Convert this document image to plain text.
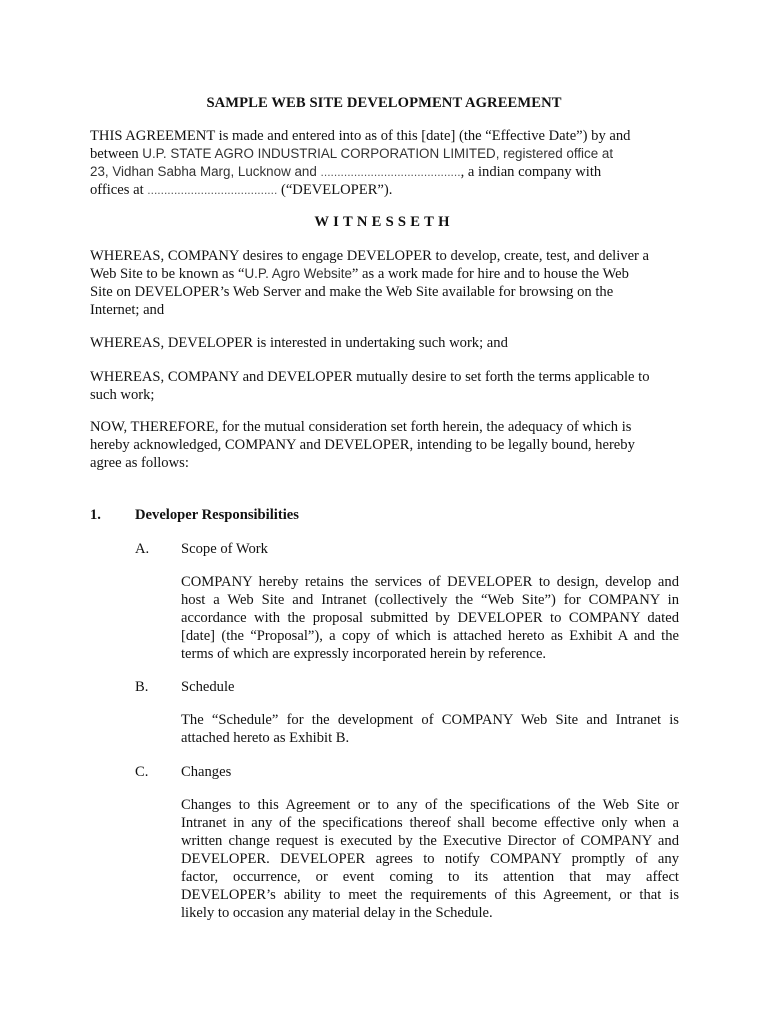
SAMPLE WEB SITE DEVELOPMENT AGREEMENT
THIS AGREEMENT is made and entered into as of this [date] (the “Effective Date”) by and
between U.P. STATE AGRO INDUSTRIAL CORPORATION LIMITED, registered office at
23, Vidhan Sabha Marg, Lucknow and .........................................., a indian company with
offices at ....................................... (“DEVELOPER”).
WITNESSETH
WHEREAS, COMPANY desires to engage DEVELOPER to develop, create, test, and deliver a
Web Site to be known as “U.P. Agro Website” as a work made for hire and to house the Web
Site on DEVELOPER’s Web Server and make the Web Site available for browsing on the
Internet; and
WHEREAS, DEVELOPER is interested in undertaking such work; and
WHEREAS, COMPANY and DEVELOPER mutually desire to set forth the terms applicable to
such work;
NOW, THEREFORE, for the mutual consideration set forth herein, the adequacy of which is
hereby acknowledged, COMPANY and DEVELOPER, intending to be legally bound, hereby
agree as follows:
1. Developer Responsibilities
A. Scope of Work
COMPANY hereby retains the services of DEVELOPER to design, develop and
host a Web Site and Intranet (collectively the “Web Site”) for COMPANY in
accordance with the proposal submitted by DEVELOPER to COMPANY dated
[date] (the “Proposal”), a copy of which is attached hereto as Exhibit A and the
terms of which are expressly incorporated herein by reference.
B. Schedule
The “Schedule” for the development of COMPANY Web Site and Intranet is
attached hereto as Exhibit B.
C. Changes
Changes to this Agreement or to any of the specifications of the Web Site or
Intranet in any of the specifications thereof shall become effective only when a
written change request is executed by the Executive Director of COMPANY and
DEVELOPER. DEVELOPER agrees to notify COMPANY promptly of any
factor, occurrence, or event coming to its attention that may affect
DEVELOPER’s ability to meet the requirements of this Agreement, or that is
likely to occasion any material delay in the Schedule.
